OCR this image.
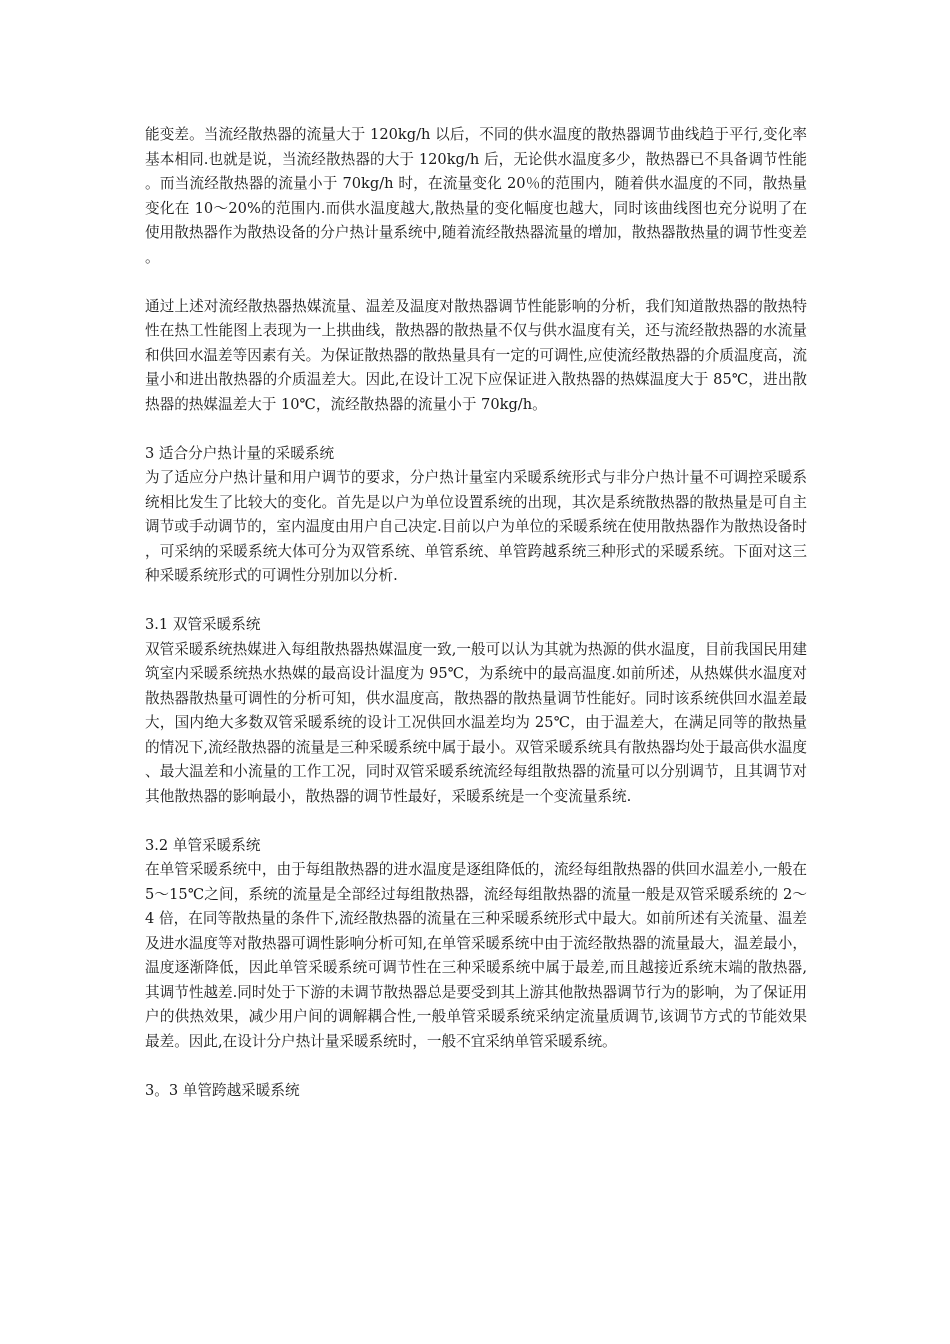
能变差。当流经散热器的流量大于 120kg/h 以后，不同的供水温度的散热器调节曲线趋于平行,变化率基本相同.也就是说，当流经散热器的大于 120kg/h 后，无论供水温度多少，散热器已不具备调节性能。而当流经散热器的流量小于 70kg/h 时，在流量变化 20％的范围内，随着供水温度的不同，散热量变化在 10～20%的范围内.而供水温度越大,散热量的变化幅度也越大，同时该曲线图也充分说明了在使用散热器作为散热设备的分户热计量系统中,随着流经散热器流量的增加，散热器散热量的调节性变差。

通过上述对流经散热器热媒流量、温差及温度对散热器调节性能影响的分析，我们知道散热器的散热特性在热工性能图上表现为一上拱曲线，散热器的散热量不仅与供水温度有关，还与流经散热器的水流量和供回水温差等因素有关。为保证散热器的散热量具有一定的可调性,应使流经散热器的介质温度高，流量小和进出散热器的介质温差大。因此,在设计工况下应保证进入散热器的热媒温度大于 85℃，进出散热器的热媒温差大于 10℃，流经散热器的流量小于 70kg/h。

3 适合分户热计量的采暖系统

为了适应分户热计量和用户调节的要求，分户热计量室内采暖系统形式与非分户热计量不可调控采暖系统相比发生了比较大的变化。首先是以户为单位设置系统的出现，其次是系统散热器的散热量是可自主调节或手动调节的，室内温度由用户自己决定.目前以户为单位的采暖系统在使用散热器作为散热设备时，可采纳的采暖系统大体可分为双管系统、单管系统、单管跨越系统三种形式的采暖系统。下面对这三种采暖系统形式的可调性分别加以分析.

3.1 双管采暖系统

双管采暖系统热媒进入每组散热器热媒温度一致,一般可以认为其就为热源的供水温度，目前我国民用建筑室内采暖系统热水热媒的最高设计温度为 95℃，为系统中的最高温度.如前所述，从热媒供水温度对散热器散热量可调性的分析可知，供水温度高，散热器的散热量调节性能好。同时该系统供回水温差最大，国内绝大多数双管采暖系统的设计工况供回水温差均为 25℃，由于温差大，在满足同等的散热量的情况下,流经散热器的流量是三种采暖系统中属于最小。双管采暖系统具有散热器均处于最高供水温度、最大温差和小流量的工作工况，同时双管采暖系统流经每组散热器的流量可以分别调节，且其调节对其他散热器的影响最小，散热器的调节性最好，采暖系统是一个变流量系统.

3.2 单管采暖系统

在单管采暖系统中，由于每组散热器的进水温度是逐组降低的，流经每组散热器的供回水温差小,一般在 5～15℃之间，系统的流量是全部经过每组散热器，流经每组散热器的流量一般是双管采暖系统的 2～4 倍，在同等散热量的条件下,流经散热器的流量在三种采暖系统形式中最大。如前所述有关流量、温差及进水温度等对散热器可调性影响分析可知,在单管采暖系统中由于流经散热器的流量最大，温差最小，温度逐渐降低，因此单管采暖系统可调节性在三种采暖系统中属于最差,而且越接近系统末端的散热器,其调节性越差.同时处于下游的未调节散热器总是要受到其上游其他散热器调节行为的影响，为了保证用户的供热效果，减少用户间的调解耦合性,一般单管采暖系统采纳定流量质调节,该调节方式的节能效果最差。因此,在设计分户热计量采暖系统时，一般不宜采纳单管采暖系统。

3。3 单管跨越采暖系统
